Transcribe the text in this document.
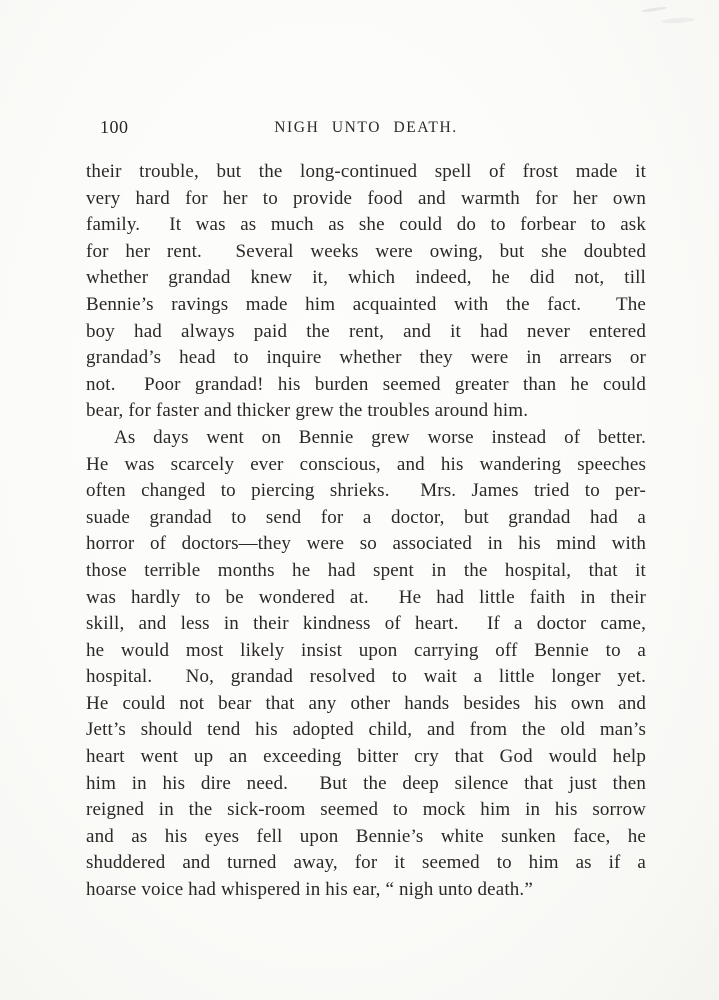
100	NIGH UNTO DEATH.
their trouble, but the long-continued spell of frost made it
very hard for her to provide food and warmth for her own
family.  It was as much as she could do to forbear to ask
for her rent.  Several weeks were owing, but she doubted
whether grandad knew it, which indeed, he did not, till
Bennie’s ravings made him acquainted with the fact.  The
boy had always paid the rent, and it had never entered
grandad’s head to inquire whether they were in arrears or
not.  Poor grandad! his burden seemed greater than he could
bear, for faster and thicker grew the troubles around him.
As days went on Bennie grew worse instead of better.
He was scarcely ever conscious, and his wandering speeches
often changed to piercing shrieks.  Mrs. James tried to per-
suade grandad to send for a doctor, but grandad had a
horror of doctors—they were so associated in his mind with
those terrible months he had spent in the hospital, that it
was hardly to be wondered at.  He had little faith in their
skill, and less in their kindness of heart.  If a doctor came,
he would most likely insist upon carrying off Bennie to a
hospital.  No, grandad resolved to wait a little longer yet.
He could not bear that any other hands besides his own and
Jett’s should tend his adopted child, and from the old man’s
heart went up an exceeding bitter cry that God would help
him in his dire need.  But the deep silence that just then
reigned in the sick-room seemed to mock him in his sorrow
and as his eyes fell upon Bennie’s white sunken face, he
shuddered and turned away, for it seemed to him as if a
hoarse voice had whispered in his ear, “ nigh unto death.”
